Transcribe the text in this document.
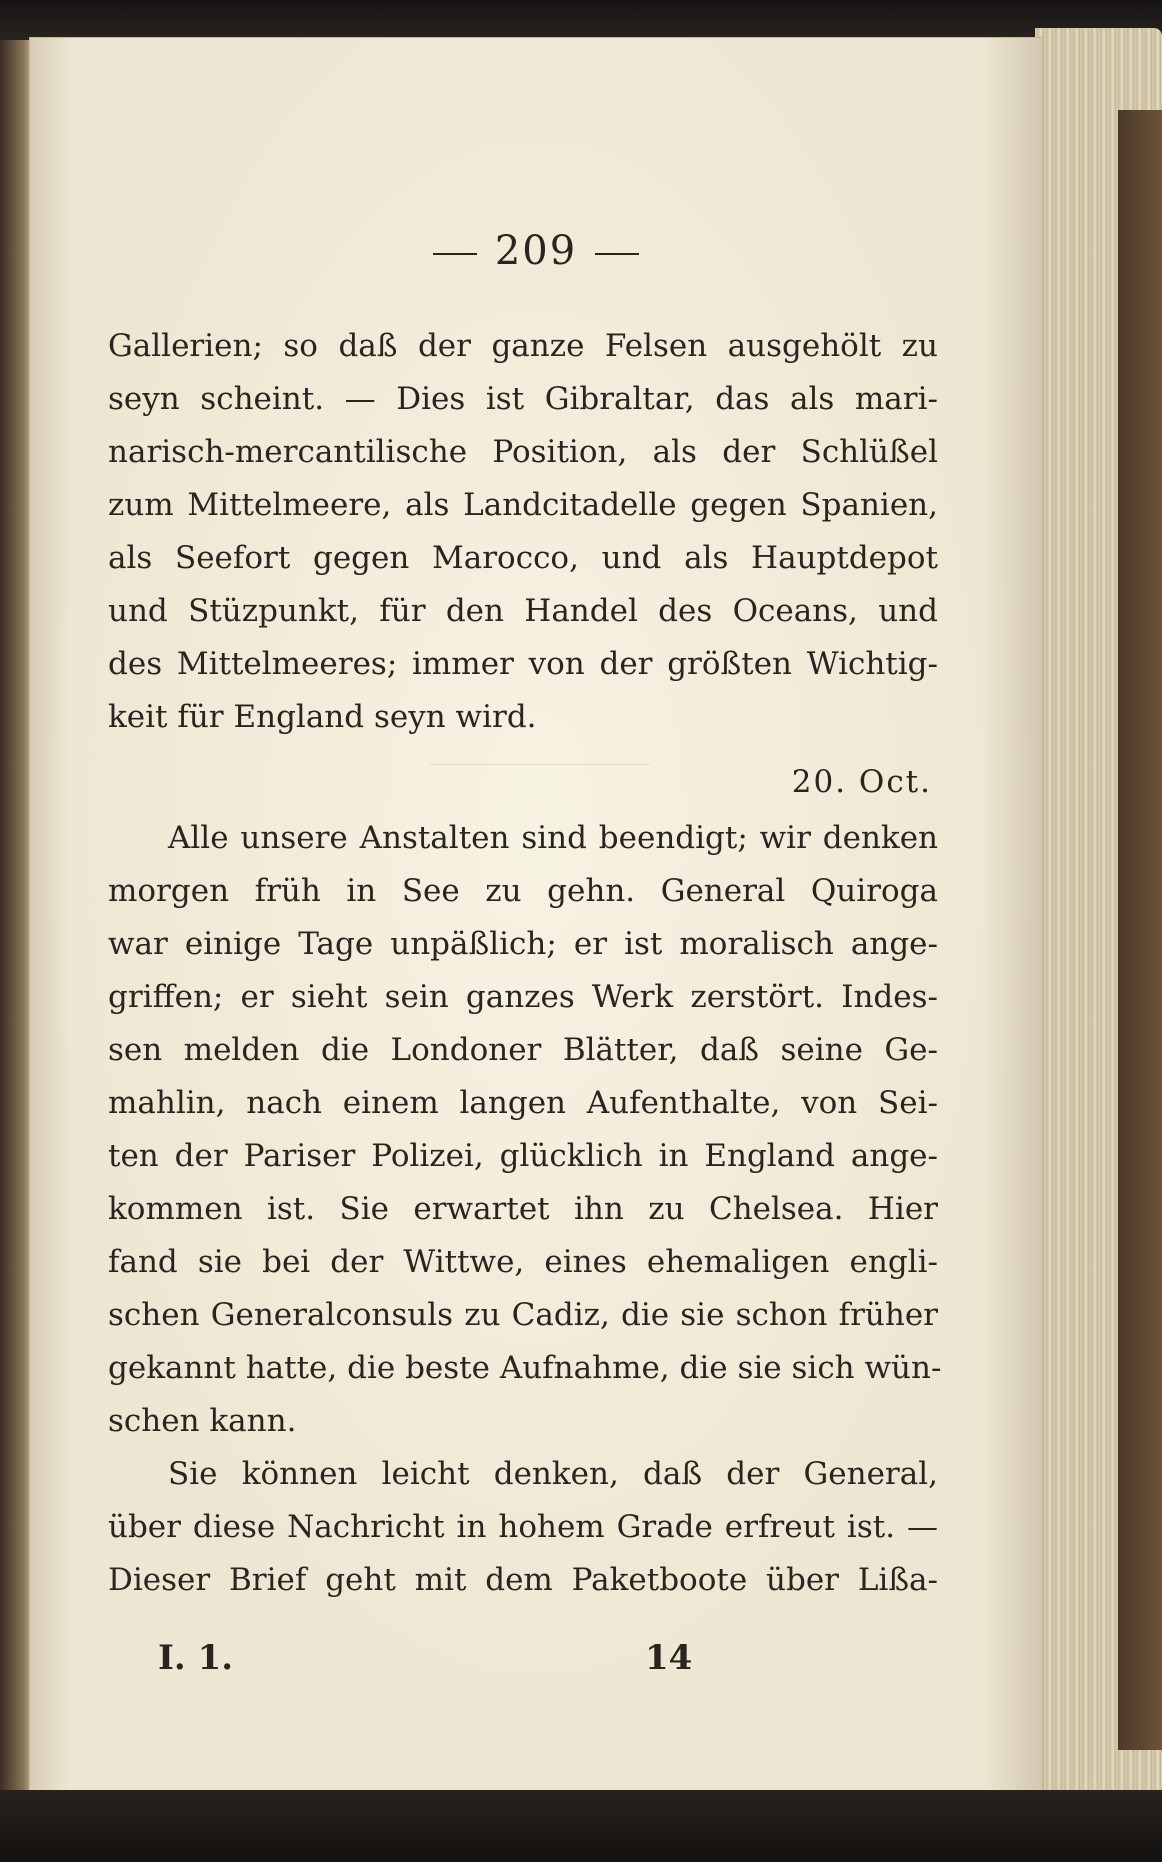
209
Gallerien; so daß der ganze Felsen ausgehölt zu
seyn scheint. — Dies ist Gibraltar, das als mari-
narisch-mercantilische Position, als der Schlüßel
zum Mittelmeere, als Landcitadelle gegen Spanien,
als Seefort gegen Marocco, und als Hauptdepot
und Stüzpunkt, für den Handel des Oceans, und
des Mittelmeeres; immer von der größten Wichtig-
keit für England seyn wird.
20. Oct.
Alle unsere Anstalten sind beendigt; wir denken
morgen früh in See zu gehn. General Quiroga
war einige Tage unpäßlich; er ist moralisch ange-
griffen; er sieht sein ganzes Werk zerstört. Indes-
sen melden die Londoner Blätter, daß seine Ge-
mahlin, nach einem langen Aufenthalte, von Sei-
ten der Pariser Polizei, glücklich in England ange-
kommen ist. Sie erwartet ihn zu Chelsea. Hier
fand sie bei der Wittwe, eines ehemaligen engli-
schen Generalconsuls zu Cadiz, die sie schon früher
gekannt hatte, die beste Aufnahme, die sie sich wün-
schen kann.
Sie können leicht denken, daß der General,
über diese Nachricht in hohem Grade erfreut ist. —
Dieser Brief geht mit dem Paketboote über Lißa-
I. 1.	14
